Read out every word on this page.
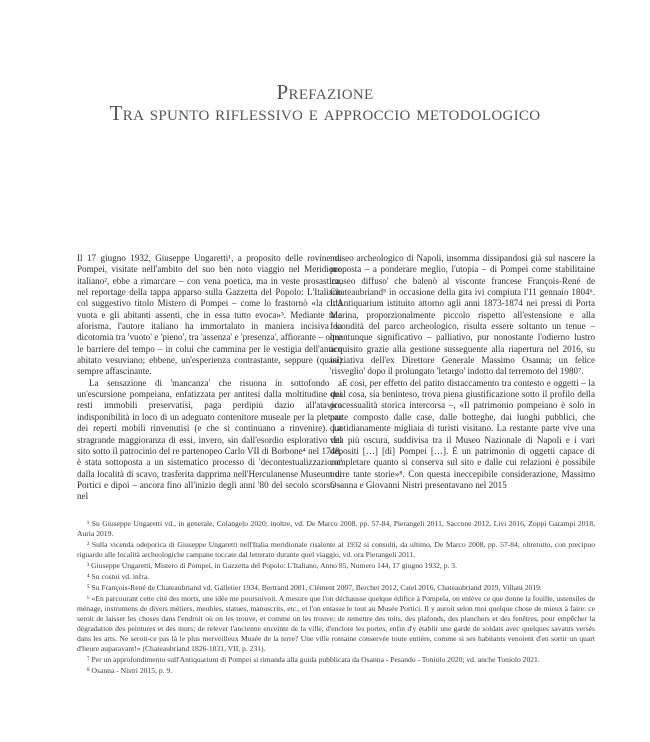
Prefazione
Tra spunto riflessivo e approccio metodologico

Il 17 giugno 1932, Giuseppe Ungaretti¹, a proposito delle rovine di Pompei, visitate nell'ambito del suo ben noto viaggio nel Meridione italiano², ebbe a rimarcare – con vena poetica, ma in veste prosastica, nel reportage della tappa apparso sulla Gazzetta del Popolo: L'Italiano col suggestivo titolo Mistero di Pompei – come lo frastornò «la città vuota e gli abitanti assenti, che in essa tutto evoca»³. Mediante tale aforisma, l'autore italiano ha immortalato in maniera incisiva la dicotomia tra 'vuoto' e 'pieno', tra 'assenza' e 'presenza', affiorante – oltre le barriere del tempo – in colui che cammina per le vestigia dell'antico abitato vesuviano; ebbene, un'esperienza contrastante, seppure (quasi) sempre affascinante.

La sensazione di 'mancanza' che risuona in sottofondo a un'escursione pompeiana, enfatizzata per antitesi dalla moltitudine dei resti immobili preservatisi, paga perdipiù dazio all'atavica indisponibilità in loco di un adeguato contenitore museale per la pletora dei reperti mobili rinvenutisi (e che si continuano a rinvenire). La stragrande maggioranza di essi, invero, sin dall'esordio esplorativo del sito sotto il patrocinio del re partenopeo Carlo VII di Borbone⁴ nel 1748, è stata sottoposta a un sistematico processo di 'decontestualizzazione' dalla località di scavo, trasferita dapprima nell'Herculanense Museum di Portici e dipoi – ancora fino all'inizio degli anni '80 del secolo scorso – nel

museo archeologico di Napoli, insomma dissipandosi già sul nascere la proposta – a ponderare meglio, l'utopia – di Pompei come stabilitaine 'museo diffuso' che balenò al visconte francese François-René de Chateaubriand⁵ in occasione della gita ivi compiuta l'11 gennaio 1804⁶. L'Antiquarium istituito attorno agli anni 1873-1874 nei pressi di Porta Marina, proporzionalmente piccolo rispetto all'estensione e alla fecondità del parco archeologico, risulta essere soltanto un tenue – quantunque significativo – palliativo, pur nonostante l'odierno lustro acquisito grazie alla gestione susseguente alla riapertura nel 2016, su iniziativa dell'ex Direttore Generale Massimo Osanna; un felice 'risveglio' dopo il prolungato 'letargo' indotto dal terremoto del 1980⁷.

E così, per effetto del patito distaccamento tra contesto e oggetti – la qual cosa, sia beninteso, trova piena giustificazione sotto il profilo della processualità storica intercorsa –, «Il patrimonio pompeiano è solo in parte composto dalle case, dalle botteghe, dai luoghi pubblici, che quotidianamente migliaia di turisti visitano. La restante parte vive una vita più oscura, suddivisa tra il Museo Nazionale di Napoli e i vari depositi […] [di] Pompei […]. È un patrimonio di oggetti capace di completare quanto si conserva sul sito e dalle cui relazioni è possibile trarre tante storie»⁸. Con questa ineccepibile considerazione, Massimo Osanna e Giovanni Nistri presentavano nel 2015

¹ Su Giuseppe Ungaretti vd., in generale, Colangelo 2020; inoltre, vd. De Marco 2008, pp. 57-84, Pierangeli 2011, Saccone 2012, Livi 2016, Zoppi Garampi 2018, Auria 2019.

² Sulla vicenda odeporica di Giuseppe Ungaretti nell'Italia meridionale risalente al 1932 si consulti, da ultimo, De Marco 2008, pp. 57-84; oltretutto, con precipuo riguardo alle località archeologiche campane toccate dal letterato durante quel viaggio, vd. ora Pierangeli 2011.

³ Giuseppe Ungaretti, Mistero di Pompei, in Gazzetta del Popolo: L'Italiano, Anno 85, Numero 144, 17 giugno 1932, p. 3.

⁴ Su costui vd. infra.

⁵ Su François-René de Chateaubriand vd. Galletier 1934, Bertrand 2001, Clément 2007, Berchet 2012, Catel 2016, Chateaubriand 2019, Villani 2019.

⁶ «En parcourant cette cité des morts, une idée me poursuivoit. A mesure que l'on déchausse quelque édifice à Pompeïa, on enlève ce que donne la fouille, ustensiles de ménage, instrumens de divers métiers, meubles, statues, manuscrits, etc., et l'on entasse le tout au Musée Portici. Il y auroit selon moi quelque chose de mieux à faire: ce seroit de laisser les choses dans l'endroit où on les trouve, et comme on les trouve; de remettre des toits, des plafonds, des planchers et des fenêtres, pour empêcher la dégradation des peintures et des murs; de relever l'ancienne enceinte de la ville, d'enclore les portes, enfin d'y établir une garde de soldats avec quelques savants versés dans les arts. Ne seroit-ce pas là le plus merveilleux Musée de la terre? Une ville romaine conservée toute entière, comme si ses habitants venoient d'en sortir un quart d'heure auparavant!» (Chateaubriand 1826-1831, VII, p. 231).

⁷ Per un approfondimento sull'Antiquarium di Pompei si rimanda alla guida pubblicata da Osanna - Pesando - Toniolo 2020; vd. anche Toniolo 2021.

⁸ Osanna - Nistri 2015, p. 9.
